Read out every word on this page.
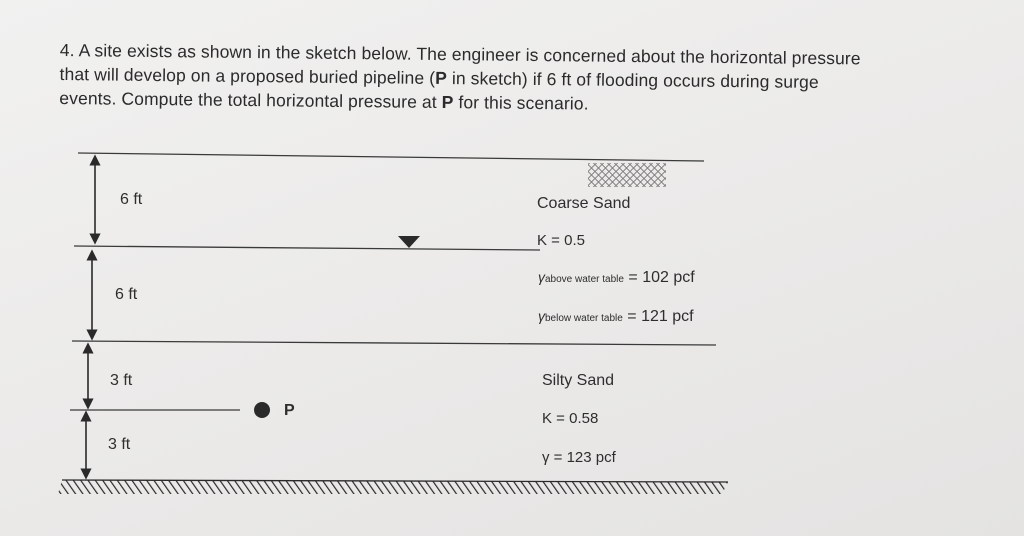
4. A site exists as shown in the sketch below. The engineer is concerned about the horizontal pressure

that will develop on a proposed buried pipeline (P in sketch) if 6 ft of flooding occurs during surge

events. Compute the total horizontal pressure at P for this scenario.

6 ft
6 ft
3 ft
3 ft
P
Coarse Sand
K = 0.5
γabove water table = 102 pcf
γbelow water table = 121 pcf
Silty Sand
K = 0.58
γ = 123 pcf
